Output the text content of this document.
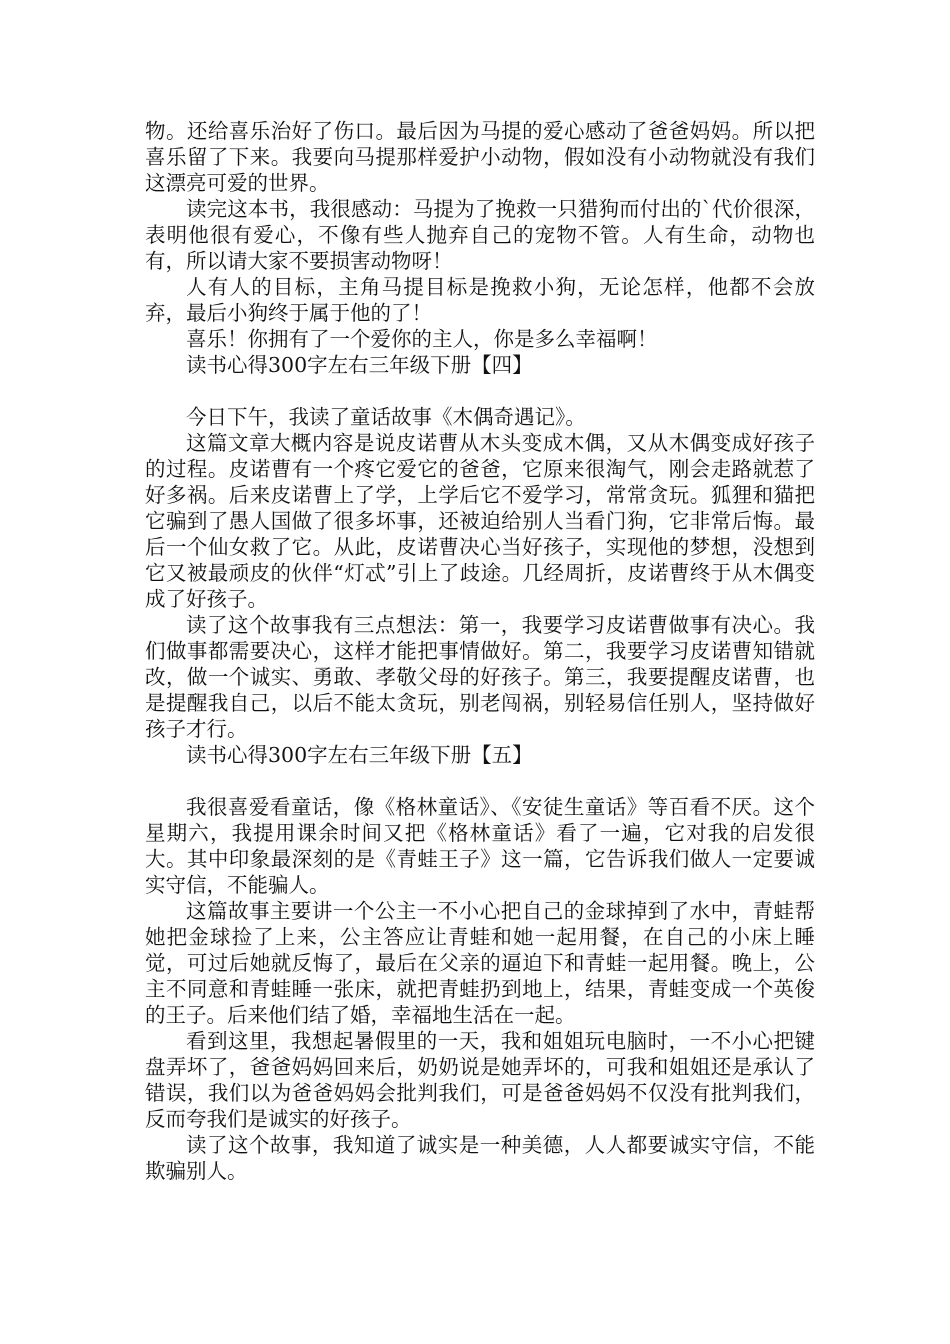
物。还给喜乐治好了伤口。最后因为马提的爱心感动了爸爸妈妈。所以把喜乐留了下来。我要向马提那样爱护小动物，假如没有小动物就没有我们这漂亮可爱的世界。

读完这本书，我很感动：马提为了挽救一只猎狗而付出的`代价很深，表明他很有爱心，不像有些人抛弃自己的宠物不管。人有生命，动物也有，所以请大家不要损害动物呀！

人有人的目标，主角马提目标是挽救小狗，无论怎样，他都不会放弃，最后小狗终于属于他的了！

喜乐！你拥有了一个爱你的主人，你是多么幸福啊！

读书心得300字左右三年级下册【四】

今日下午，我读了童话故事《木偶奇遇记》。

这篇文章大概内容是说皮诺曹从木头变成木偶，又从木偶变成好孩子的过程。皮诺曹有一个疼它爱它的爸爸，它原来很淘气，刚会走路就惹了好多祸。后来皮诺曹上了学，上学后它不爱学习，常常贪玩。狐狸和猫把它骗到了愚人国做了很多坏事，还被迫给别人当看门狗，它非常后悔。最后一个仙女救了它。从此，皮诺曹决心当好孩子，实现他的梦想，没想到它又被最顽皮的伙伴“灯忒”引上了歧途。几经周折，皮诺曹终于从木偶变成了好孩子。

读了这个故事我有三点想法：第一，我要学习皮诺曹做事有决心。我们做事都需要决心，这样才能把事情做好。第二，我要学习皮诺曹知错就改，做一个诚实、勇敢、孝敬父母的好孩子。第三，我要提醒皮诺曹，也是提醒我自己，以后不能太贪玩，别老闯祸，别轻易信任别人，坚持做好孩子才行。

读书心得300字左右三年级下册【五】

我很喜爱看童话，像《格林童话》、《安徒生童话》等百看不厌。这个星期六，我提用课余时间又把《格林童话》看了一遍，它对我的启发很大。其中印象最深刻的是《青蛙王子》这一篇，它告诉我们做人一定要诚实守信，不能骗人。

这篇故事主要讲一个公主一不小心把自己的金球掉到了水中，青蛙帮她把金球捡了上来，公主答应让青蛙和她一起用餐，在自己的小床上睡觉，可过后她就反悔了，最后在父亲的逼迫下和青蛙一起用餐。晚上，公主不同意和青蛙睡一张床，就把青蛙扔到地上，结果，青蛙变成一个英俊的王子。后来他们结了婚，幸福地生活在一起。

看到这里，我想起暑假里的一天，我和姐姐玩电脑时，一不小心把键盘弄坏了，爸爸妈妈回来后，奶奶说是她弄坏的，可我和姐姐还是承认了错误，我们以为爸爸妈妈会批判我们，可是爸爸妈妈不仅没有批判我们，反而夸我们是诚实的好孩子。

读了这个故事，我知道了诚实是一种美德，人人都要诚实守信，不能欺骗别人。
